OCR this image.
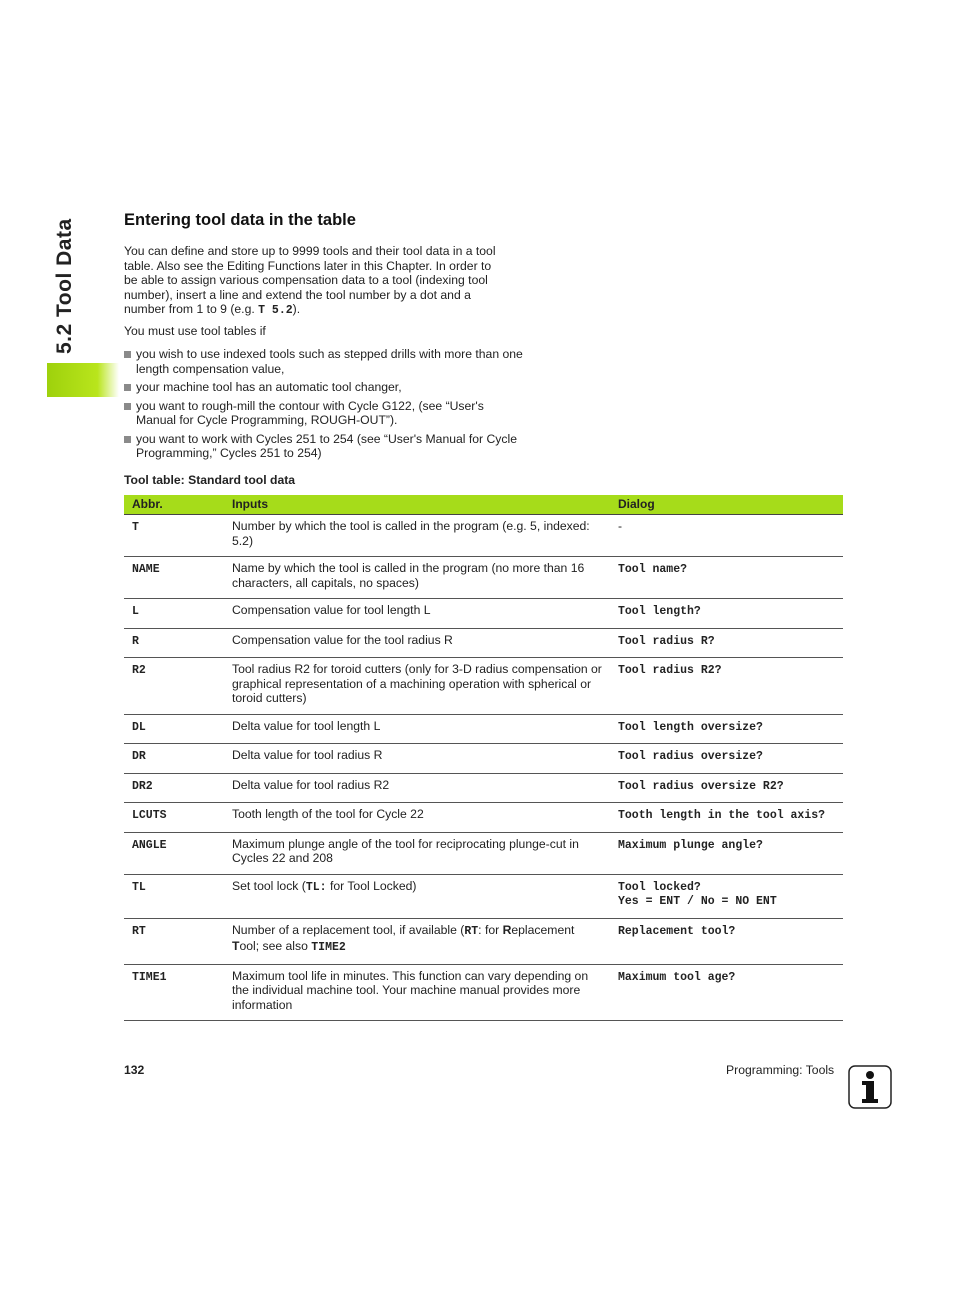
5.2 Tool Data	Entering tool data in the table

You can define and store up to 9999 tools and their tool data in a tool table. Also see the Editing Functions later in this Chapter. In order to be able to assign various compensation data to a tool (indexing tool number), insert a line and extend the tool number by a dot and a number from 1 to 9 (e.g. T 5.2).

You must use tool tables if

you wish to use indexed tools such as stepped drills with more than one length compensation value,
your machine tool has an automatic tool changer,
you want to rough-mill the contour with Cycle G122, (see “User's Manual for Cycle Programming, ROUGH-OUT”).
you want to work with Cycles 251 to 254 (see “User's Manual for Cycle Programming,” Cycles 251 to 254)

Tool table: Standard tool data

Abbr.	Inputs	Dialog
T	Number by which the tool is called in the program (e.g. 5, indexed: 5.2)	-
NAME	Name by which the tool is called in the program (no more than 16 characters, all capitals, no spaces)	Tool name?
L	Compensation value for tool length L	Tool length?
R	Compensation value for the tool radius R	Tool radius R?
R2	Tool radius R2 for toroid cutters (only for 3-D radius compensation or graphical representation of a machining operation with spherical or toroid cutters)	Tool radius R2?
DL	Delta value for tool length L	Tool length oversize?
DR	Delta value for tool radius R	Tool radius oversize?
DR2	Delta value for tool radius R2	Tool radius oversize R2?
LCUTS	Tooth length of the tool for Cycle 22	Tooth length in the tool axis?
ANGLE	Maximum plunge angle of the tool for reciprocating plunge-cut in Cycles 22 and 208	Maximum plunge angle?
TL	Set tool lock (TL: for Tool Locked)	Tool locked?
Yes = ENT / No = NO ENT

RT	Number of a replacement tool, if available (RT: for Replacement Tool; see also TIME2	Replacement tool?
TIME1	Maximum tool life in minutes. This function can vary depending on the individual machine tool. Your machine manual provides more information	Maximum tool age?
132	Programming: Tools
